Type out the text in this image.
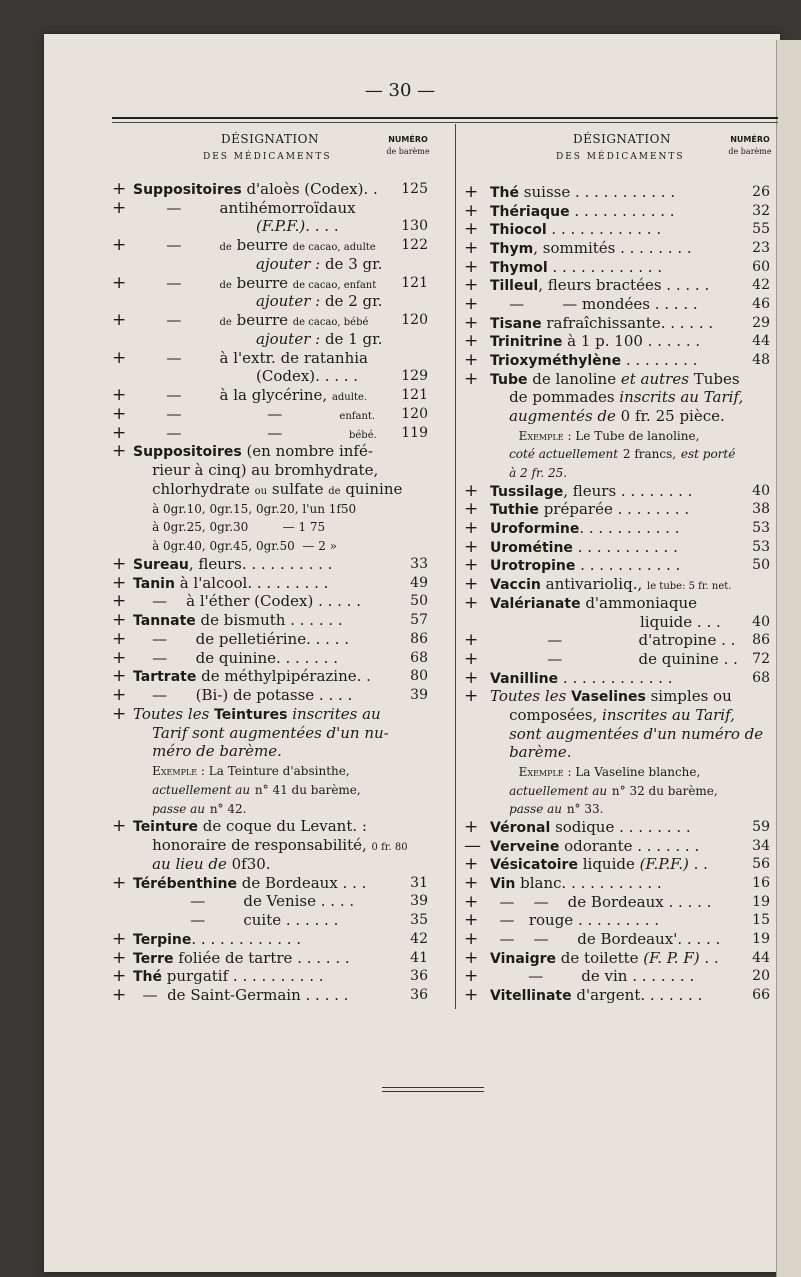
— 30 —
DÉSIGNATION
DES MÉDICAMENTS
NUMÉRO
de barème
DÉSIGNATION
DES MÉDICAMENTS
NUMÉRO
de barème
+ Suppositoires d'aloès (Codex). .	125
+ —        antihémorroïdaux
(F.P.F.). . . .	130
+ —        de beurre de cacao, adulte	122
ajouter : de 3 gr.
+ —        de beurre de cacao, enfant	121
ajouter : de 2 gr.
+ —        de beurre de cacao, bébé	120
ajouter : de 1 gr.
+ —        à l'extr. de ratanhia
(Codex). . . . .	129
+ —        à la glycérine, adulte.	121
+ —                  —            enfant.	120
+ —                  —              bébé.	119
+ Suppositoires (en nombre infé-
rieur à cinq) au bromhydrate,
chlorhydrate ou sulfate de quinine
à 0gr.10, 0gr.15, 0gr.20, l'un 1f50
à 0gr.25, 0gr.30         — 1 75
à 0gr.40, 0gr.45, 0gr.50  — 2 »
+ Sureau, fleurs. . . . . . . . . .	33
+ Tanin à l'alcool. . . . . . . . .	49
+ —    à l'éther (Codex) . . . . .	50
+ Tannate de bismuth . . . . . .	57
+ —      de pelletiérine. . . . .	86
+ —      de quinine. . . . . . .	68
+ Tartrate de méthylpipérazine. .	80
+ —      (Bi-) de potasse . . . .	39
+ Toutes les Teintures inscrites au
Tarif sont augmentées d'un nu-
méro de barème.
Exemple : La Teinture d'absinthe,
actuellement au n° 41 du barème,
passe au n° 42.
+ Teinture de coque du Levant. :
honoraire de responsabilité, 0 fr. 80
au lieu de 0f30.
+ Térébenthine de Bordeaux . . .	31
—        de Venise . . . .	39
—        cuite . . . . . .	35
+ Terpine. . . . . . . . . . . .	42
+ Terre foliée de tartre . . . . . .	41
+ Thé purgatif . . . . . . . . . .	36
+ —  de Saint-Germain . . . . .	36
+ Thé suisse . . . . . . . . . . .	26
+ Thériaque . . . . . . . . . . .	32
+ Thiocol . . . . . . . . . . . .	55
+ Thym, sommités . . . . . . . .	23
+ Thymol . . . . . . . . . . . .	60
+ Tilleul, fleurs bractées . . . . .	42
+ —        — mondées . . . . .	46
+ Tisane rafraîchissante. . . . . .	29
+ Trinitrine à 1 p. 100 . . . . . .	44
+ Trioxyméthylène . . . . . . . .	48
+ Tube de lanoline et autres Tubes
de pommades inscrits au Tarif,
augmentés de 0 fr. 25 pièce.
Exemple : Le Tube de lanoline,
coté actuellement 2 francs, est porté
à 2 fr. 25.
+ Tussilage, fleurs . . . . . . . .	40
+ Tuthie préparée . . . . . . . .	38
+ Uroformine. . . . . . . . . . .	53
+ Urométine . . . . . . . . . . .	53
+ Urotropine . . . . . . . . . . .	50
+ Vaccin antivarioliq., le tube: 5 fr. net.
+ Valérianate d'ammoniaque
liquide . . .	40
+ —                d'atropine . .	86
+ —                de quinine . .	72
+ Vanilline . . . . . . . . . . . .	68
+ Toutes les Vaselines simples ou
composées, inscrites au Tarif,
sont augmentées d'un numéro de
barème.
Exemple : La Vaseline blanche,
actuellement au n° 32 du barème,
passe au n° 33.
+ Véronal sodique . . . . . . . .	59
— Verveine odorante . . . . . . .	34
+ Vésicatoire liquide (F.P.F.) . .	56
+ Vin blanc. . . . . . . . . . .	16
+ —    —    de Bordeaux . . . . .	19
+ —   rouge . . . . . . . . .	15
+ —    —      de Bordeaux'. . . . .	19
+ Vinaigre de toilette (F. P. F) . .	44
+ —        de vin . . . . . . .	20
+ Vitellinate d'argent. . . . . . .	66
